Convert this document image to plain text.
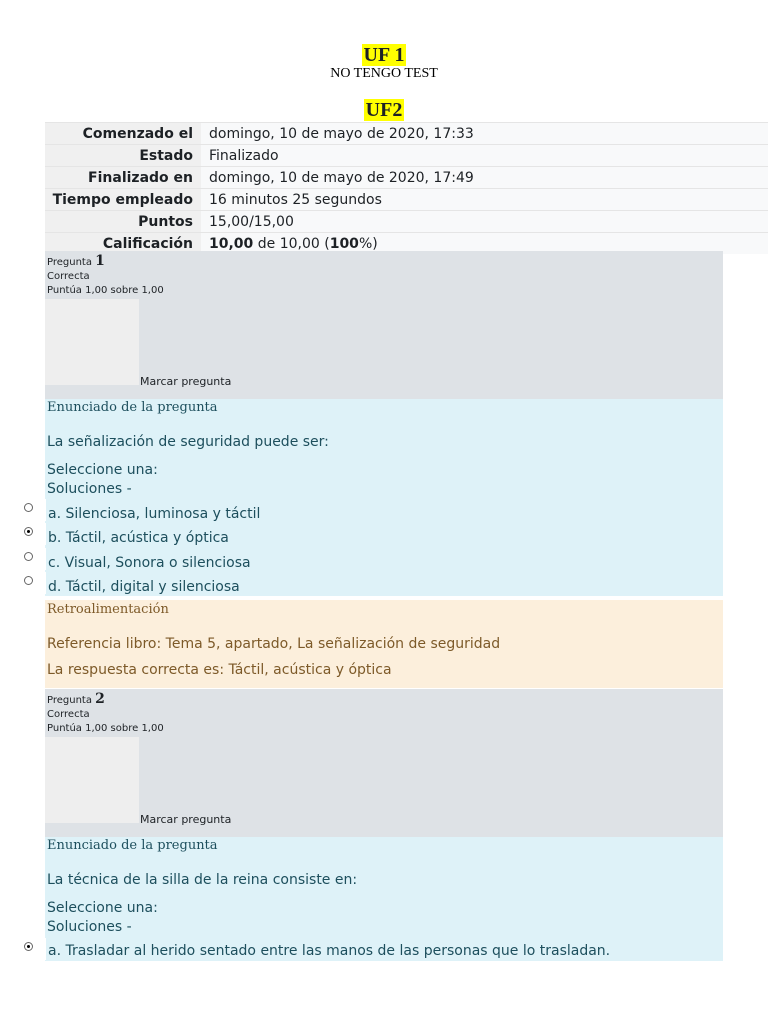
UF 1
NO TENGO TEST
UF2
Comenzado el	domingo, 10 de mayo de 2020, 17:33
Estado	Finalizado
Finalizado en	domingo, 10 de mayo de 2020, 17:49
Tiempo empleado	16 minutos 25 segundos
Puntos	15,00/15,00
Calificación	10,00 de 10,00 (100%)
Pregunta 1
Correcta
Puntúa 1,00 sobre 1,00
Marcar pregunta
Enunciado de la pregunta
La señalización de seguridad puede ser:
Seleccione una:
Soluciones -
a. Silenciosa, luminosa y táctil
b. Táctil, acústica y óptica
c. Visual, Sonora o silenciosa
d. Táctil, digital y silenciosa
Retroalimentación
Referencia libro: Tema 5, apartado, La señalización de seguridad
La respuesta correcta es: Táctil, acústica y óptica
Pregunta 2
Correcta
Puntúa 1,00 sobre 1,00
Marcar pregunta
Enunciado de la pregunta
La técnica de la silla de la reina consiste en:
Seleccione una:
Soluciones -
a. Trasladar al herido sentado entre las manos de las personas que lo trasladan.
